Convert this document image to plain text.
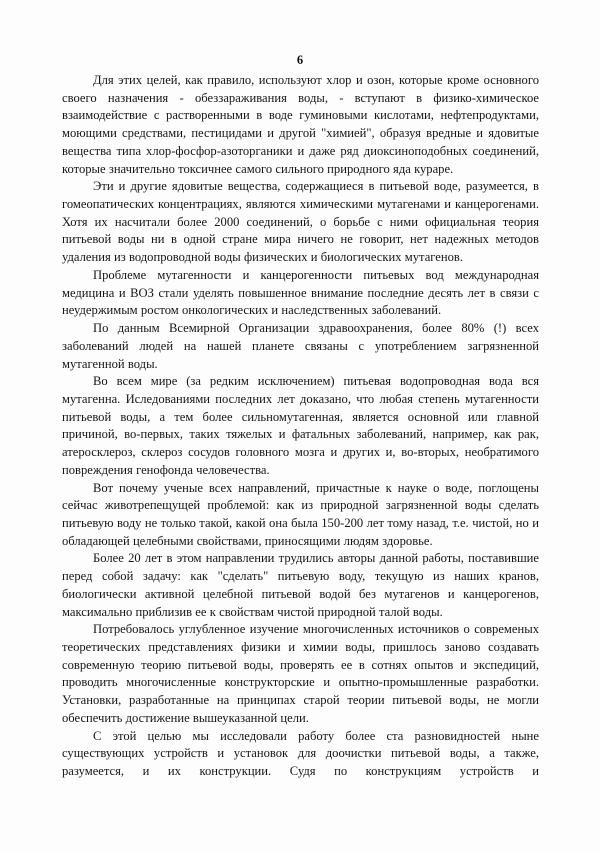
6

Для этих целей, как правило, используют хлор и озон, которые кроме основного своего назначения - обеззараживания воды, - вступают в физико-химическое взаимодействие с растворенными в воде гуминовыми кислотами, нефтепродуктами, моющими средствами, пестицидами и другой "химией", образуя вредные и ядовитые вещества типа хлор-фосфор-азоторганики и даже ряд диоксиноподобных соединений, которые значительно токсичнее самого сильного природного яда кураре.

Эти и другие ядовитые вещества, содержащиеся в питьевой воде, разумеется, в гомеопатических концентрациях, являются химическими мутагенами и канцерогенами. Хотя их насчитали более 2000 соединений, о борьбе с ними официальная теория питьевой воды ни в одной стране мира ничего не говорит, нет надежных методов удаления из водопроводной воды физических и биологических мутагенов.

Проблеме мутагенности и канцерогенности питьевых вод международная медицина и ВОЗ стали уделять повышенное внимание последние десять лет в связи с неудержимым ростом онкологических и наследственных заболеваний.

По данным Всемирной Организации здравоохранения, более 80% (!) всех заболеваний людей на нашей планете связаны с употреблением загрязненной мутагенной воды.

Во всем мире (за редким исключением) питьевая водопроводная вода вся мутагенна. Иследованиями последних лет доказано, что любая степень мутагенности питьевой воды, а тем более сильномутагенная, является основной или главной причиной, во-первых, таких тяжелых и фатальных заболеваний, например, как рак, атеросклероз, склероз сосудов головного мозга и других и, во-вторых, необратимого повреждения генофонда человечества.

Вот почему ученые всех направлений, причастные к науке о воде, поглощены сейчас животрепещущей проблемой: как из природной загрязненной воды сделать питьевую воду не только такой, какой она была 150-200 лет тому назад, т.е. чистой, но и обладающей целебными свойствами, приносящими людям здоровье.

Более 20 лет в этом направлении трудились авторы данной работы, поставившие перед собой задачу: как "сделать" питьевую воду, текущую из наших кранов, биологически активной целебной питьевой водой без мутагенов и канцерогенов, максимально приблизив ее к свойствам чистой природной талой воды.

Потребовалось углубленное изучение многочисленных источников о современых теоретических представлениях физики и химии воды, пришлось заново создавать современную теорию питьевой воды, проверять ее в сотнях опытов и экспедиций, проводить многочисленные конструкторские и опытно-промышленные разработки. Установки, разработанные на принципах старой теории питьевой воды, не могли обеспечить достижение вышеуказанной цели.

С этой целью мы исследовали работу более ста разновидностей ныне существующих устройств и установок для доочистки питьевой воды, а также, разумеется, и их конструкции. Судя по конструкциям устройств и
